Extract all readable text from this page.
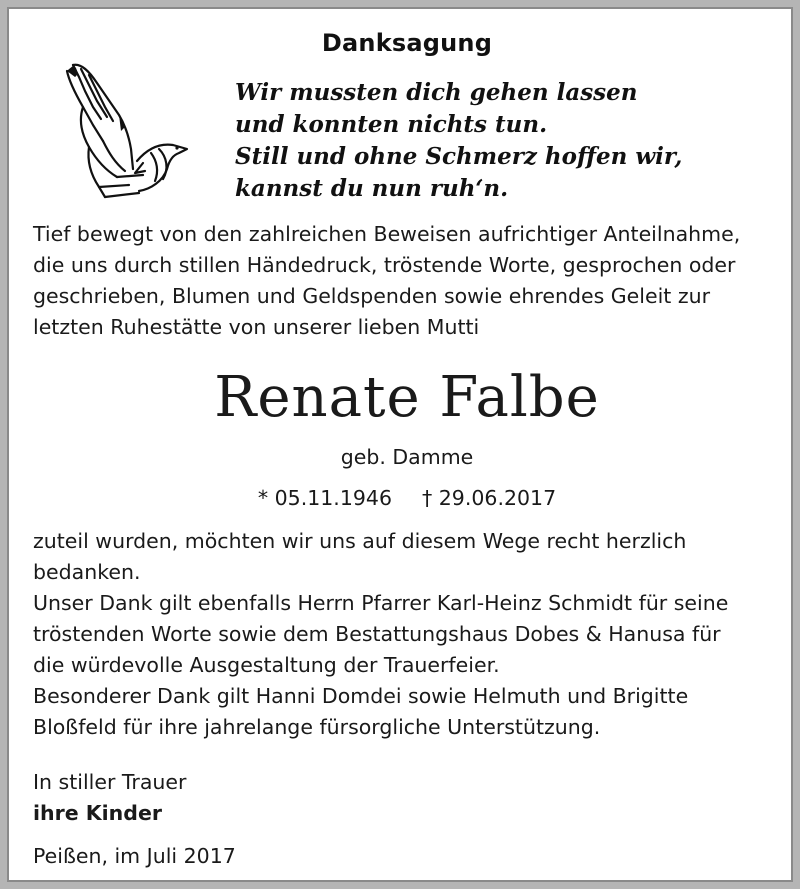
Danksagung
Wir mussten dich gehen lassen
und konnten nichts tun.
Still und ohne Schmerz hoffen wir,
kannst du nun ruh‘n.
Tief bewegt von den zahlreichen Beweisen aufrichtiger Anteilnahme,
die uns durch stillen Händedruck, tröstende Worte, gesprochen oder
geschrieben, Blumen und Geldspenden sowie ehrendes Geleit zur
letzten Ruhestätte von unserer lieben Mutti
Renate Falbe
geb. Damme
* 05.11.1946 † 29.06.2017
zuteil wurden, möchten wir uns auf diesem Wege recht herzlich
bedanken.
Unser Dank gilt ebenfalls Herrn Pfarrer Karl-Heinz Schmidt für seine
tröstenden Worte sowie dem Bestattungshaus Dobes & Hanusa für
die würdevolle Ausgestaltung der Trauerfeier.
Besonderer Dank gilt Hanni Domdei sowie Helmuth und Brigitte
Bloßfeld für ihre jahrelange fürsorgliche Unterstützung.
In stiller Trauer
ihre Kinder
Peißen, im Juli 2017
